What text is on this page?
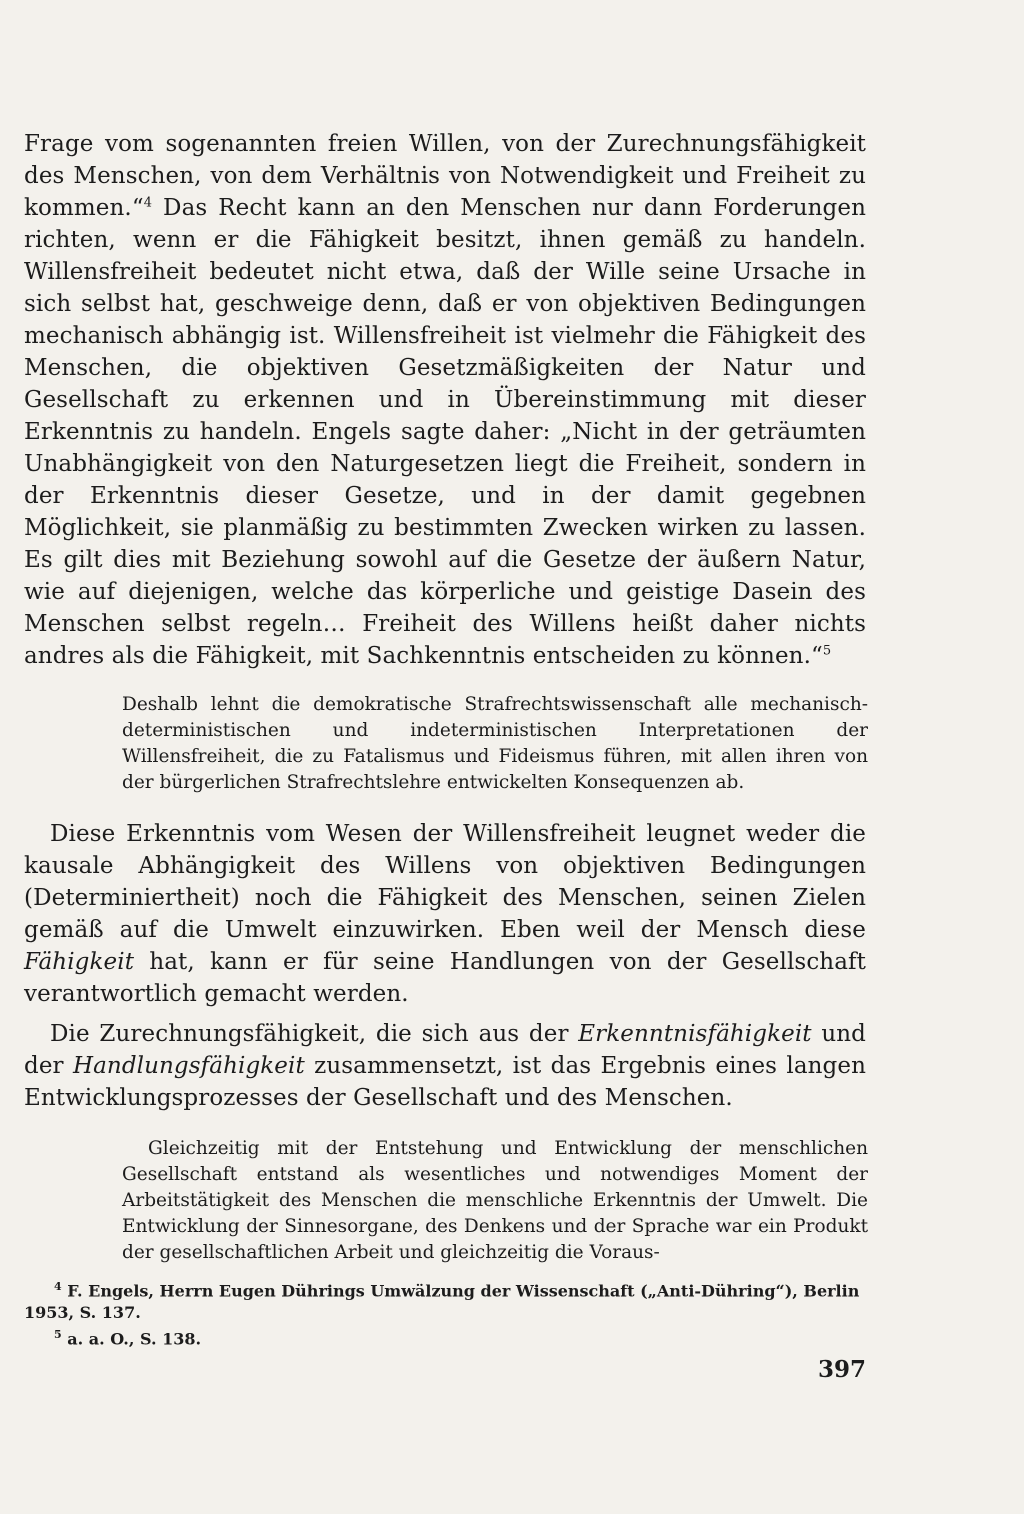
Frage vom sogenannten freien Willen, von der Zurechnungsfähigkeit des Menschen, von dem Verhältnis von Notwendigkeit und Freiheit zu kommen.“$^4$ Das Recht kann an den Menschen nur dann Forderungen richten, wenn er die Fähigkeit besitzt, ihnen gemäß zu handeln. Willensfreiheit bedeutet nicht etwa, daß der Wille seine Ursache in sich selbst hat, geschweige denn, daß er von objektiven Bedingungen mechanisch abhängig ist. Willensfreiheit ist vielmehr die Fähigkeit des Menschen, die objektiven Gesetzmäßigkeiten der Natur und Gesellschaft zu erkennen und in Übereinstimmung mit dieser Erkenntnis zu handeln. Engels sagte daher: „Nicht in der geträumten Unabhängigkeit von den Naturgesetzen liegt die Freiheit, sondern in der Erkenntnis dieser Gesetze, und in der damit gegebnen Möglichkeit, sie planmäßig zu bestimmten Zwecken wirken zu lassen. Es gilt dies mit Beziehung sowohl auf die Gesetze der äußern Natur, wie auf diejenigen, welche das körperliche und geistige Dasein des Menschen selbst regeln… Freiheit des Willens heißt daher nichts andres als die Fähigkeit, mit Sachkenntnis entscheiden zu können.“$^5$

Deshalb lehnt die demokratische Strafrechtswissenschaft alle mechanisch-deterministischen und indeterministischen Interpretationen der Willensfreiheit, die zu Fatalismus und Fideismus führen, mit allen ihren von der bürgerlichen Strafrechtslehre entwickelten Konsequenzen ab.

Diese Erkenntnis vom Wesen der Willensfreiheit leugnet weder die kausale Abhängigkeit des Willens von objektiven Bedingungen (Determiniertheit) noch die Fähigkeit des Menschen, seinen Zielen gemäß auf die Umwelt einzuwirken. Eben weil der Mensch diese Fähigkeit hat, kann er für seine Handlungen von der Gesellschaft verantwortlich gemacht werden.

Die Zurechnungsfähigkeit, die sich aus der Erkenntnisfähigkeit und der Handlungsfähigkeit zusammensetzt, ist das Ergebnis eines langen Entwicklungsprozesses der Gesellschaft und des Menschen.

Gleichzeitig mit der Entstehung und Entwicklung der menschlichen Gesellschaft entstand als wesentliches und notwendiges Moment der Arbeitstätigkeit des Menschen die menschliche Erkenntnis der Umwelt. Die Entwicklung der Sinnesorgane, des Denkens und der Sprache war ein Produkt der gesellschaftlichen Arbeit und gleichzeitig die Voraus-

$^4$ F. Engels, Herrn Eugen Dührings Umwälzung der Wissenschaft („Anti-Dühring“), Berlin 1953, S. 137.

$^5$ a. a. O., S. 138.

397
